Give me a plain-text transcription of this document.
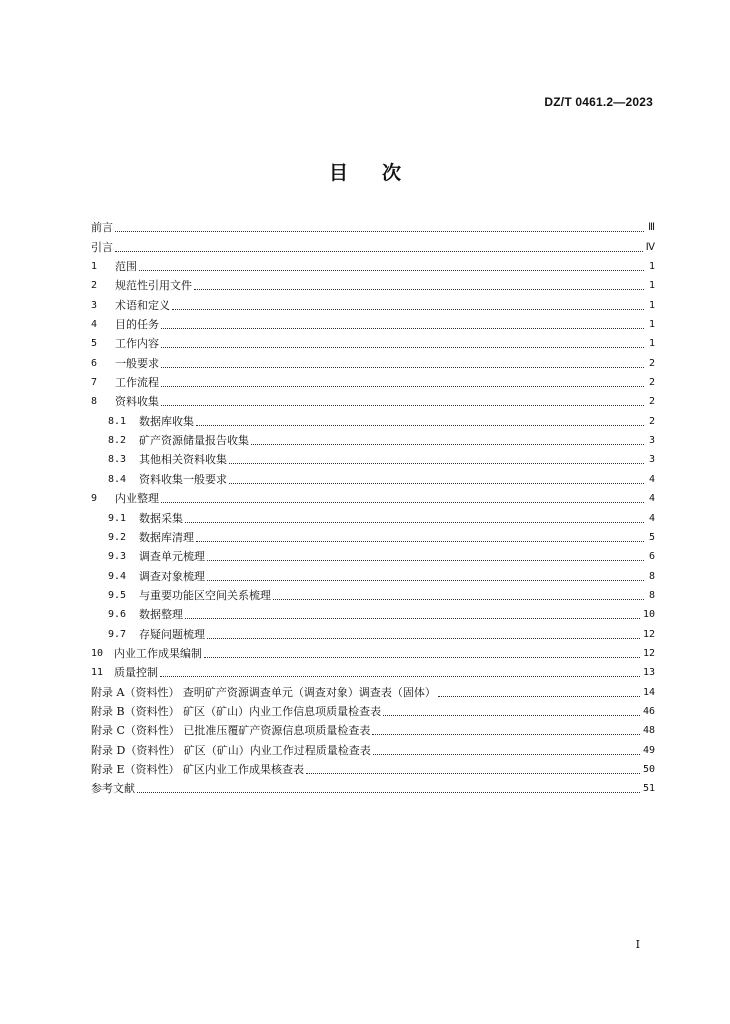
DZ/T 0461.2—2023
目次
前言	Ⅲ
引言	Ⅳ
1	范围	1
2	规范性引用文件	1
3	术语和定义	1
4	目的任务	1
5	工作内容	1
6	一般要求	2
7	工作流程	2
8	资料收集	2
8.1	数据库收集	2
8.2	矿产资源储量报告收集	3
8.3	其他相关资料收集	3
8.4	资料收集一般要求	4
9	内业整理	4
9.1	数据采集	4
9.2	数据库清理	5
9.3	调查单元梳理	6
9.4	调查对象梳理	8
9.5	与重要功能区空间关系梳理	8
9.6	数据整理	10
9.7	存疑问题梳理	12
10 内业工作成果编制	12
11 质量控制	13
附录 A（资料性） 查明矿产资源调查单元（调查对象）调查表（固体）	14
附录 B（资料性） 矿区（矿山）内业工作信息项质量检查表	46
附录 C（资料性） 已批准压覆矿产资源信息项质量检查表	48
附录 D（资料性） 矿区（矿山）内业工作过程质量检查表	49
附录 E（资料性） 矿区内业工作成果核查表	50
参考文献	51
I
